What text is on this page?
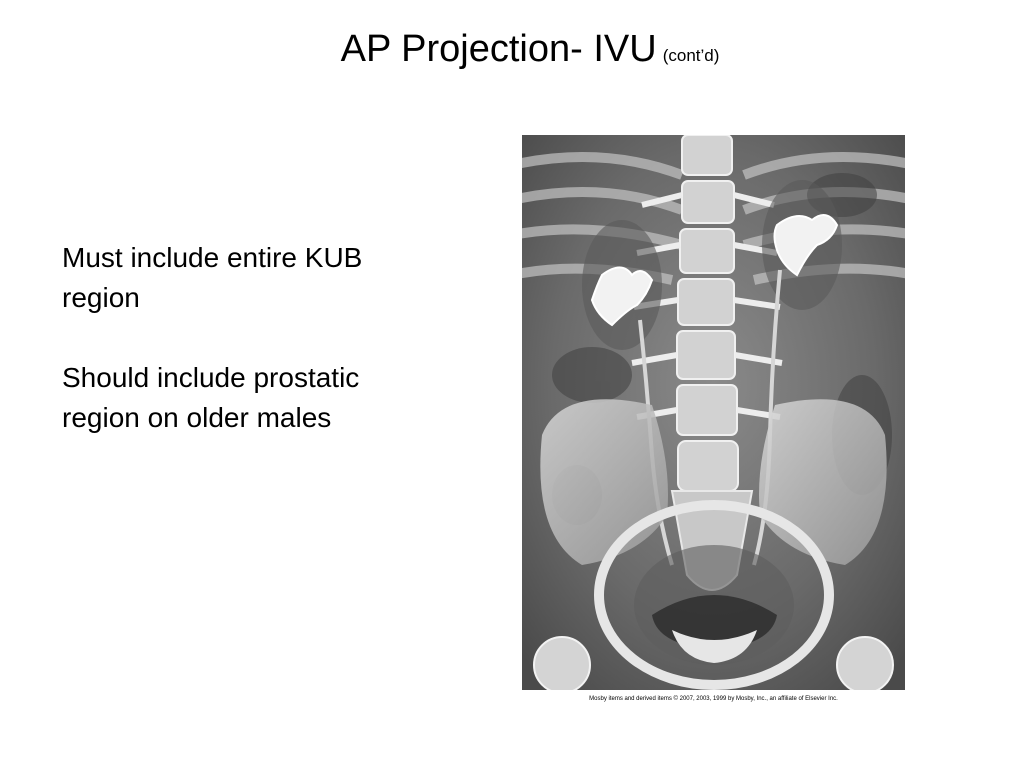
AP Projection- IVU (cont’d)

Must include entire KUB region

Should include prostatic region on older males

Mosby items and derived items © 2007, 2003, 1999 by Mosby, Inc., an affiliate of Elsevier Inc.
